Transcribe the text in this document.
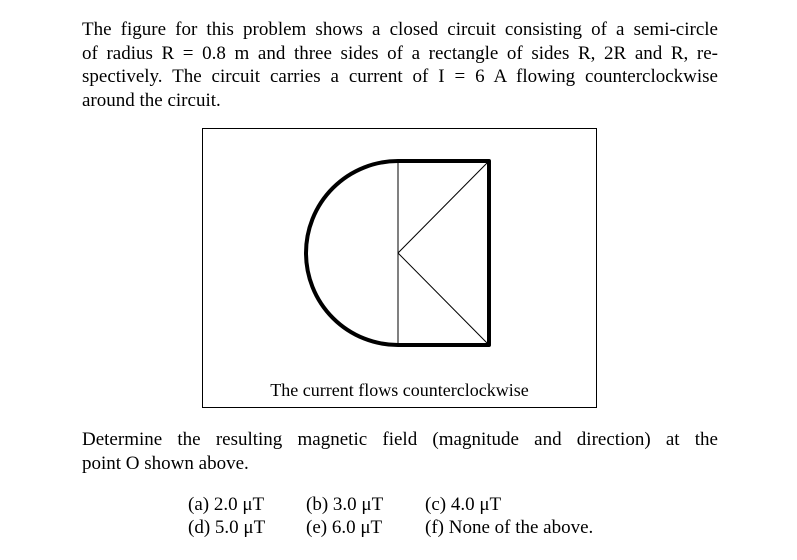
The figure for this problem shows a closed circuit consisting of a semi-circle
of radius R = 0.8 m and three sides of a rectangle of sides R, 2R and R, re-
spectively. The circuit carries a current of I = 6 A flowing counterclockwise
around the circuit.
The current flows counterclockwise
Determine the resulting magnetic field (magnitude and direction) at the
point O shown above.
(a) 2.0 μT (b) 3.0 μT (c) 4.0 μT
(d) 5.0 μT (e) 6.0 μT (f) None of the above.
